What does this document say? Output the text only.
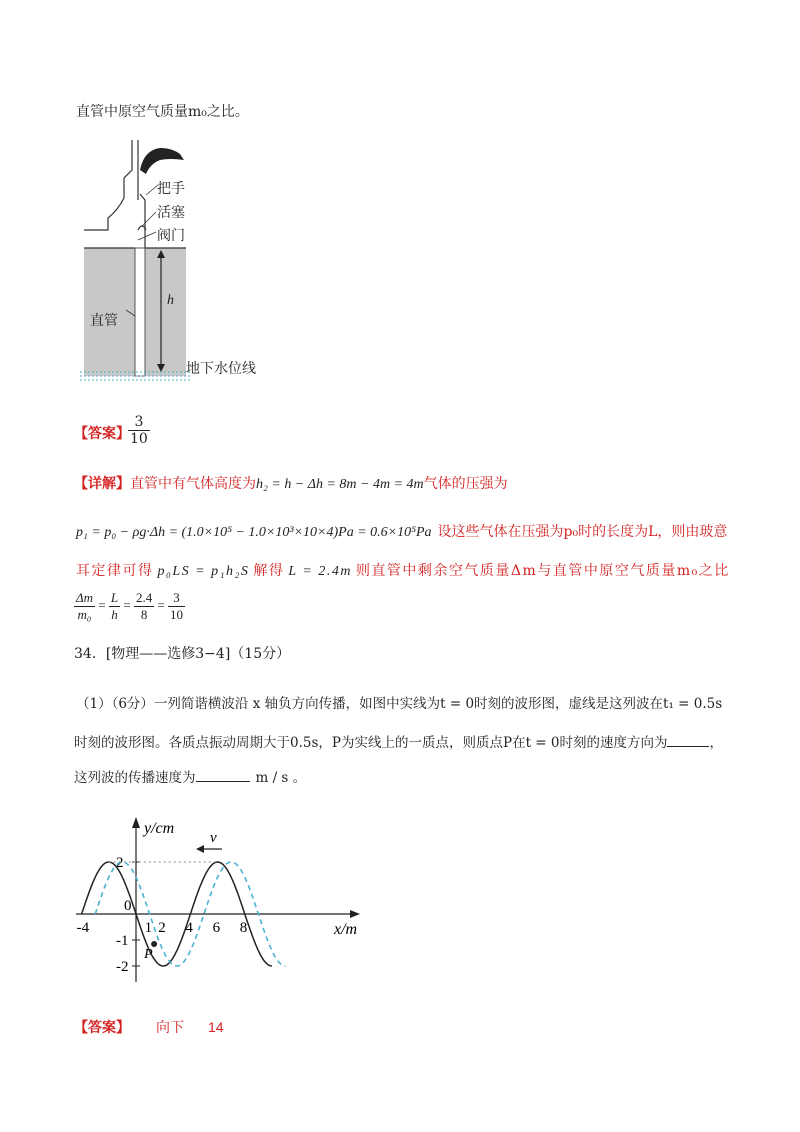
直管中原空气质量m₀之比。
把手
活塞
阀门
直管
h
地下水位线
【答案】
$\frac{3}{10}$
【详解】直管中有气体高度为h₂ = h − Δh = 8m − 4m = 4m气体的压强为
p₁ = p₀ − ρg·Δh = (1.0×10⁵ − 1.0×10³×10×4)Pa = 0.6×10⁵Pa 设这些气体在压强为p₀时的长度为L，则由玻意
耳定律可得 p₀LS = p₁h₂S 解得 L = 2.4m 则直管中剩余空气质量Δm与直管中原空气质量m₀之比
$\frac{\Delta m}{\text{m₀}} = \frac{L}{h} = \frac{2.4}{8} = \frac{3}{10}$
34．[物理——选修3−4]（15分）
（1）（6分）一列简谐横波沿 x 轴负方向传播，如图中实线为t = 0时刻的波形图，虚线是这列波在t₁ = 0.5s
时刻的波形图。各质点振动周期大于0.5s，P为实线上的一质点，则质点P在t = 0时刻的速度方向为	，
这列波的传播速度为	m / s 。
y/cm
x/m
-4
0
1 2 4 6 8
2
-1
-2
v
P
【答案】 向下 14
